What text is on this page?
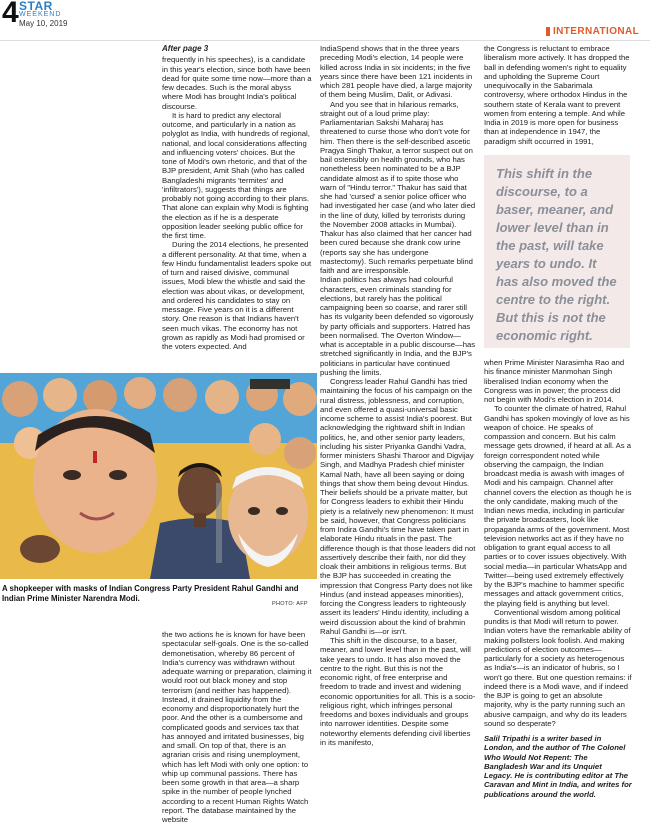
4 STAR
WEEKEND
May 10, 2019
INTERNATIONAL

After page 3

frequently in his speeches), is a candidate in this year's election, since both have been dead for quite some time now—more than a few decades. Such is the moral abyss where Modi has brought India's political discourse.

It is hard to predict any electoral outcome, and particularly in a nation as polyglot as India, with hundreds of regional, national, and local considerations affecting and influencing voters' choices. But the tone of Modi's own rhetoric, and that of the BJP president, Amit Shah (who has called Bangladeshi migrants 'termites' and 'infiltrators'), suggests that things are probably not going according to their plans. That alone can explain why Modi is fighting the election as if he is a desperate opposition leader seeking public office for the first time.

During the 2014 elections, he presented a different personality. At that time, when a few Hindu fundamentalist leaders spoke out of turn and raised divisive, communal issues, Modi blew the whistle and said the election was about vikas, or development, and ordered his candidates to stay on message. Five years on it is a different story. One reason is that Indians haven't seen much vikas. The economy has not grown as rapidly as Modi had promised or the voters expected. And

A shopkeeper with masks of Indian Congress Party President Rahul Gandhi and Indian Prime Minister Narendra Modi.
PHOTO: AFP

the two actions he is known for have been spectacular self-goals. One is the so-called demonetisation, whereby 86 percent of India's currency was withdrawn without adequate warning or preparation, claiming it would root out black money and stop terrorism (and neither has happened). Instead, it drained liquidity from the economy and disproportionately hurt the poor. And the other is a cumbersome and complicated goods and services tax that has annoyed and irritated businesses, big and small. On top of that, there is an agrarian crisis and rising unemployment, which has left Modi with only one option: to whip up communal passions. There has been some growth in that area—a sharp spike in the number of people lynched according to a recent Human Rights Watch report. The database maintained by the website

IndiaSpend shows that in the three years preceding Modi's election, 14 people were killed across India in six incidents; in the five years since there have been 121 incidents in which 281 people have died, a large majority of them being Muslim, Dalit, or Adivasi.

And you see that in hilarious remarks, straight out of a loud prime play: Parliamentarian Sakshi Maharaj has threatened to curse those who don't vote for him. Then there is the self-described ascetic Pragya Singh Thakur, a terror suspect out on bail ostensibly on health grounds, who has nonetheless been nominated to be a BJP candidate almost as if to spite those who warn of "Hindu terror." Thakur has said that she had 'cursed' a senior police officer who had investigated her case (and who later died in the line of duty, killed by terrorists during the November 2008 attacks in Mumbai). Thakur has also claimed that her cancer had been cured because she drank cow urine (reports say she has undergone mastectomy). Such remarks perpetuate blind faith and are irresponsible.

Indian politics has always had colourful characters, even criminals standing for elections, but rarely has the political campaigning been so coarse, and rarer still has its vulgarity been defended so vigorously by party officials and supporters. Hatred has been normalised. The Overton Window—what is acceptable in a public discourse—has stretched significantly in India, and the BJP's politicians in particular have continued pushing the limits.

Congress leader Rahul Gandhi has tried maintaining the focus of his campaign on the rural distress, joblessness, and corruption, and even offered a quasi-universal basic income scheme to assist India's poorest. But acknowledging the rightward shift in Indian politics, he, and other senior party leaders, including his sister Priyanka Gandhi Vadra, former ministers Shashi Tharoor and Digvijay Singh, and Madhya Pradesh chief minister Kamal Nath, have all been saying or doing things that show them being devout Hindus. Their beliefs should be a private matter, but for Congress leaders to exhibit their Hindu piety is a relatively new phenomenon: It must be said, however, that Congress politicians from Indira Gandhi's time have taken part in elaborate Hindu rituals in the past. The difference though is that those leaders did not assertively describe their faith, nor did they cloak their ambitions in religious terms. But the BJP has succeeded in creating the impression that Congress Party does not like Hindus (and instead appeases minorities), forcing the Congress leaders to righteously assert its leaders' Hindu identity, including a weird discussion about the kind of brahmin Rahul Gandhi is—or isn't.

This shift in the discourse, to a baser, meaner, and lower level than in the past, will take years to undo. It has also moved the centre to the right. But this is not the economic right, of free enterprise and freedom to trade and invest and widening economic opportunities for all. This is a socio-religious right, which infringes personal freedoms and boxes individuals and groups into narrower identities. Despite some noteworthy elements defending civil liberties in its manifesto,

the Congress is reluctant to embrace liberalism more actively. It has dropped the ball in defending women's right to equality and upholding the Supreme Court unequivocally in the Sabarimala controversy, where orthodox Hindus in the southern state of Kerala want to prevent women from entering a temple. And while India in 2019 is more open for business than at independence in 1947, the paradigm shift occurred in 1991,

This shift in the discourse, to a baser, meaner, and lower level than in the past, will take years to undo. It has also moved the centre to the right. But this is not the economic right.

when Prime Minister Narasimha Rao and his finance minister Manmohan Singh liberalised Indian economy when the Congress was in power; the process did not begin with Modi's election in 2014.

To counter the climate of hatred, Rahul Gandhi has spoken movingly of love as his weapon of choice. He speaks of compassion and concern. But his calm message gets drowned, if heard at all. As a foreign correspondent noted while observing the campaign, the Indian broadcast media is awash with images of Modi and his campaign. Channel after channel covers the election as though he is the only candidate, making much of the Indian news media, including in particular the private broadcasters, look like propaganda arms of the government. Most television networks act as if they have no obligation to grant equal access to all parties or to cover issues objectively. With social media—in particular WhatsApp and Twitter—being used extremely effectively by the BJP's machine to hammer specific messages and attack government critics, the playing field is anything but level.

Conventional wisdom among political pundits is that Modi will return to power. Indian voters have the remarkable ability of making pollsters look foolish. And making predictions of election outcomes—particularly for a society as heterogenous as India's—is an indicator of hubris, so I won't go there. But one question remains: if indeed there is a Modi wave, and if indeed the BJP is going to get an absolute majority, why is the party running such an abusive campaign, and why do its leaders sound so desperate?

Salil Tripathi is a writer based in London, and the author of The Colonel Who Would Not Repent: The Bangladesh War and its Unquiet Legacy. He is contributing editor at The Caravan and Mint in India, and writes for publications around the world.
